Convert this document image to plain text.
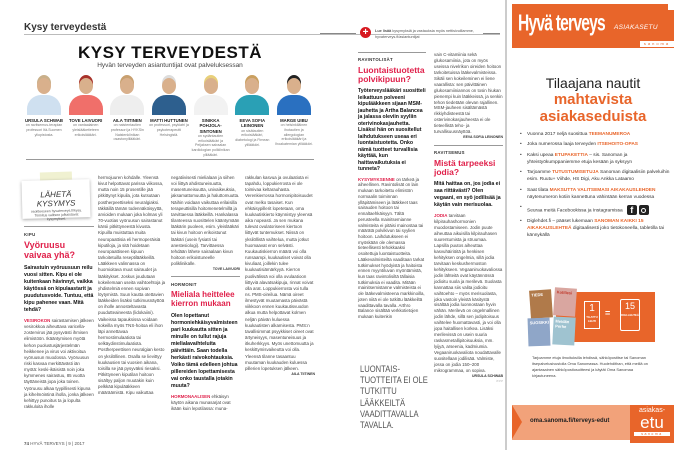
Kysy terveydestä
KYSY TERVEYDESTÄ
Hyvän terveyden asiantuntijat ovat palveluksessan
URSULA SCHWAB
on ravitsemus-terapian professori Itä-Suomen yliopistosta.
TOVE LAIVUORI
on vantaalainen yleislääketieteen erikoislääkäri.
AILA TIITINEN
on naistentautien professori ja HYKSin Naistenklinikan osastonylilääkäri.
MATTI HUTTUNEN
on professori, psykiatri ja psykoterapeutti Helsingistä.
SINIKKA POHJOLA-SINTONEN
on sydäntautien erikoislääkäri ja Peijaksen sairaalan kardiologian poliklinikan ylilääkäri.
EEVA SOFIA LEINONEN
on sisätautien erikoislääkäri, diabetologi ja Fimean ylilääkäri.
MARGE UIBU
on helsinkiläinen ihotautien ja allergologian erikoislääkäri ja Ihoakatemian ylilääkäri.
LÄHETÄ KYSYMYS
osoitteeseen hyvaterveys.fi/kysy. Toimitus valitsee julkaistavat kysymykset.
KIPU
Vyöruusu vaivaa yhä?
Sairastuin vyöruusuun reilu vuosi sitten. Kipu ei ole kuitenkaan hävinnyt, vaikka käytössä on kipulaastarit ja puudutusvoide. Tuntuu, että kipu pahenee vaan. Mitä tehdä?
VESIROKON sairastamisen jälkeen vesirokkoa aiheuttava varicella-zostervirus jää pysyvästi ihmisen elimistöön. Ikääntymisen myötä kehon puolustusjärjestelmän heikkenee ja virus voi aktivoitua vyöruusun muodossa. Vyöruusun riski kasvaa merkittävästi iän myötä: keski-ikäisistä noin joka kymmenes sairastuu, 85 vuotta täyttäneistä jopa joka toinen. Vyöruusu alkaa tyypillisesti kipuna ja kihelmöintinä iholla, jonka jälkeen kehittyy punoitus ta ja lopulta rakkuloita iholle
hermojuuren kohdalle. Yleensä kivut helpottavat parissa viikossa, mutta noin 15 prosentille jää pitkittynyt kipuila, jota kutsutaan postherpeettiseksi neuralgiaksi. Iäkkäillä tämän todennäköisyyttä, arvioiden mukaan joka kolmas yli 70-vuotias vyöruusun sairastanut kärsii pitkittyneestä kivusta. Kipuilla muistuttaa muita neuropaattisia eli hermoperäisiä kiputiloja, ja sitä hoidetaan neuropaattiseen kipuun tarkoitetuilla reseptilääkkeillä. Lääkkeen valinnassa on huomioitava muut sairaudet ja lääkitykset. Joskus joudutaan kokeilemaan useita vaihtoehtoja ja yhdistelmiä ennen sopivan löytymistä. Suun kautta otettavien lääkkeiden lisäksi tutkimusnäyttöä on iholle annosteltavasta puudutteaineesta (lidokaiini). Vaikeissa tapauksissa voidaan kokeilla myös TNS-hoitoa eli ihon läpi annettavaa hermostimulaatiota tai selkäydinstimulaatiota. Postherpeettisen neuralgian kesto on yksilöllinen. Osalla se lievittyy kuukausien tai vuosien aikana, toisilla se jää pysyväksi riesaksi. Pitkittyneen kiputilan hoitoon sisältyy paljon muutakin kuin pelkkää kipulääkkeen määräämistä. Kipu vaikuttaa
negatiivisesti mielialaan ja siihen voi liittyä ahdistuneisuutta, masentuneisuutta, univaikeuksia, jaksamattomuutta ja haluttomuutta. Näihin voidaan vaikuttaa erilaisilla terapeuttisilla hoitomenetelmillä ja tarvittaessa lääkkeillä. Hankalassa tilanteessa suosittelen kääntymään lääkärin puoleen, esim. yleislääkäri tai kivun hoitoon erikoistunut lääkäri (usein fysiatri tai anestesiologi). Tarvittaessa tehdään lähete sairaalaan kivun hoitoon erikoistuneelle poliklinikalle.
TOVE LAIVUORI
HORMONIT
Mieliala heittelee kierron mukaan
Olen lopettanut hormoniehkäisyvalmisteen pari kuukautta sitten ja minulle on tullut rajuja mielialavaihteluita päivittäin. Saan todella herkästi raivokohtauksia. Voiko tämä edelleen johtua pillereiden lopettamisesta vai onko taustalla jotakin muuta?
HORMONAALISEN ehkäisyn käytön aikana munasarjat ovat ikään kuin lepotilassa: muna-
rakkulan kasvua ja ovulaatiota ei tapahdu, loppukierrosta ei ole toimivaa keltarauhasta. Verenkierrossa hormonipitoisuudet ovat melko tasaiset. Kun ehkäisypillerit lopetetaan, oma kuukautiskierto käynnistyy yleensä aika nopeasti. Ja sen mukana tulevat ovulatoriseen kiertoon liittyvät tuntemukset. Niissä on yksilöllistä vaihtelua, mutta jotkut huomaavat eron selvästi. Kuukautiskierron määrä voi olla runsaampi, kuukautiset voivat olla kivuliaat, joillekin tulee kuukautisiämärkyyä. Kierron puolivälissä voi olla ovulaatioon liittyviä alavatsakipuja, rinnat voivat olla arat. Loppukierrosta voi tulla ns. PMS-oireilua. Nämä oireet ilmestyvät muutamasta päivästä viikkoon ennen kuukautisvuodon alkua mutta helpottavat kolmen neljän päivän kuluessa kuukautisten alkamisesta. PMS:n tavallisimmat psyykkiset oireet ovat ärtyneisyys, masentuneisuus ja itkuherkkyys. Myös unettomuutta ja keskittymisvaikeutta voi olla. Yleensä tilanne tasaantuu muutaman kuukauden kuluessa pillerien lopetuksen jälkeen.
AILA TIITINEN
+	Lue lisää kysymyksiä ja vastauksia myös nettisivuillamme, hyvaterveys.fi/asiantuntijat
RAVINTOLISÄT
Luontaistuotetta polvikipuun?
Työterveyslääkäri suositteli leikattuun polveeni kipulääkkeen sijaan MSM-jauhetta ja Artha Balancea ja jalassa oleviin syyliin oterivinokasjauhetta. Lisäksi hän on suositellut laihdutukseen useaa eri luontaistuotetta. Onko nämä tuotteet turvallisia käyttää, kun haittavaikutuksia ei tunneta?
KYSYMYKSENNE on tärkeä ja aiheellinen. Ravintolisät on lain mukaan tarkoitettu elimistön normaalin toiminnan ylläpitämiseen ja lääkkeet taas sairauden hoitoon tai ennaltaehkäisyyn. Tältä perusteella mainitsemianne valmisteita ei pitäisi mainostaa tai määrätä polvikivun tai syylien hoitoon. Laihdutukseen ei myöskään ole olemassa tieteellisesti tehokkaaksi osoitettuja luontaistuotteita. Lääkevalmisteilta vaaditaan tarkat tutkimukset hyödyistä ja haitoista ennen myyntiluvan myöntämistä, kun taas ravintolisiltä tällaisia tutkimuksia ei vaadita. Mitään mainitsemistanne valmisteista ei ole lääkevalmisteena markkinoilla, joten niitä ei ole tutkittu lääkkeiltä vaadittavalla tavalla. Arthro Balance sisältää verkkotietojen mukaan kuitenkin
LUONTAIS-TUOTTEITA EI OLE TUTKITTU LÄÄKKEILTÄ VAADITTAVALLA TAVALLA.
vain C-vitamiinia sekä glukosamiinia, jota on myös useissa nivelrikon oireiden hoitoon tarkoitetuissa lääkevalmisteissa. Sikäli sen kokeileminen ei liene vaarallista: sen päivittäinen glukosamiiniannos on tosin hiukan pienempi kuin lääkkeissä, ja senkin tehon tiedetään olevan rajallinen. MSM-jauheen sisältämästä rikkiyhdisteestä tai osterivinokasjauheesta ei ole tieteellistä teho- ja turvallisuusnäyttöä.
EEVA SOFIA LEINONEN
RAVITSEMUS
Mistä tarpeeksi jodia?
Mitä haittaa on, jos jodia ei saa riittävästi? Olen vegaani, en syö jodilisää ja käytän vain merisuolaa.
JODIA tarvitaan kilpirauhashormonien muodostamiseen. Jodin puute aiheuttaa aikuisilla kilpirauhasen suurentumista ja struumaa. Lapsilla puutos aiheuttaa kasvuhäiriöitä ja henkisen kehityksen ongelmia, sillä jodia tarvitaan keskushermoston kehitykseen. Vegaaniruokavaliossa jodin lähteitä ovat käytännössä jodioitu suola ja merilevä. Suolasta kannattaa siis valita jodioitu vaihtoehto – myös merisuolasta, joka vastoin yleistä käsitystä sisältää jodia luonnostaan hyvin vähän. Merilevä on ongelmallinen jodin lähde, sillä sen jodipitoisuus vaihtelee huomattavasti, ja voi olla jopa haitallisen korkea. Lisäksi merilevissä on usein suuria raskasmetallipitoisuuksia, mm. lyijyä, arseenia, kadmiumia. Vegaaniruokavaliota noudattavalle suositellaan jodilisää. Valmiste, jossa on jodia 150–200 mikrogrammaa, on sopiva.
URSULA SCHWAB
>>>
74 HYVÄ TERVEYS | 9 | 2017
Hyvä terveys ASIAKASETU
sanoma
Tilaajana nautit
mahtavista asiakaseduista
• Vuonna 2017 neljä suosittua TEEMANUMEROA
• Joka numerossa laaja terveyden ITSEHOITO-OPAS
• Kaksi upeaa ETUPAKETTIA – sis. Sanoman ja yhteistyökumppaniemme etuja kesään ja syksyyn
• Tarjoamme TUTUSTUMISETUJA Sanoman digitaalisiin palveluihin esim. Ruutu+ Viihde, HS Digi, Aku Ankka Lataamo
• Saat tilata MAKSUTTA VALITSEMASI AIKAKAUSLEHDEN näytenumeron kotiin kannettuna vähintään kerran vuodessa
• Seuraa meitä Facebookissa ja Instagramissa f
• Diglehdet.fi – pääset lukemaan SANOMAN KAIKKI 15 AIKAKAUSLEHTEÄ digitaalisesti joko tietokoneella, tabletilla tai kännykällä
TIEDE	Kotiliesi
SUOSIKKI	Meidän Perhe
1
TILATTU LEHTI
=
15
DIGI-LEHTEÄ
Tarjoamme etuja ilmoituksilla lehdissä, sähköpostitse tai Sanoman itsepalvelusivustolla Oma Sanomassa. Huolehdithan, että meillä on ajantasainen sähköpostiosoitteesi ja käytät Oma Sanomaa kirjautuneena.
oma.sanoma.fi/terveys-edut
asiakas-
etu
sanoma
